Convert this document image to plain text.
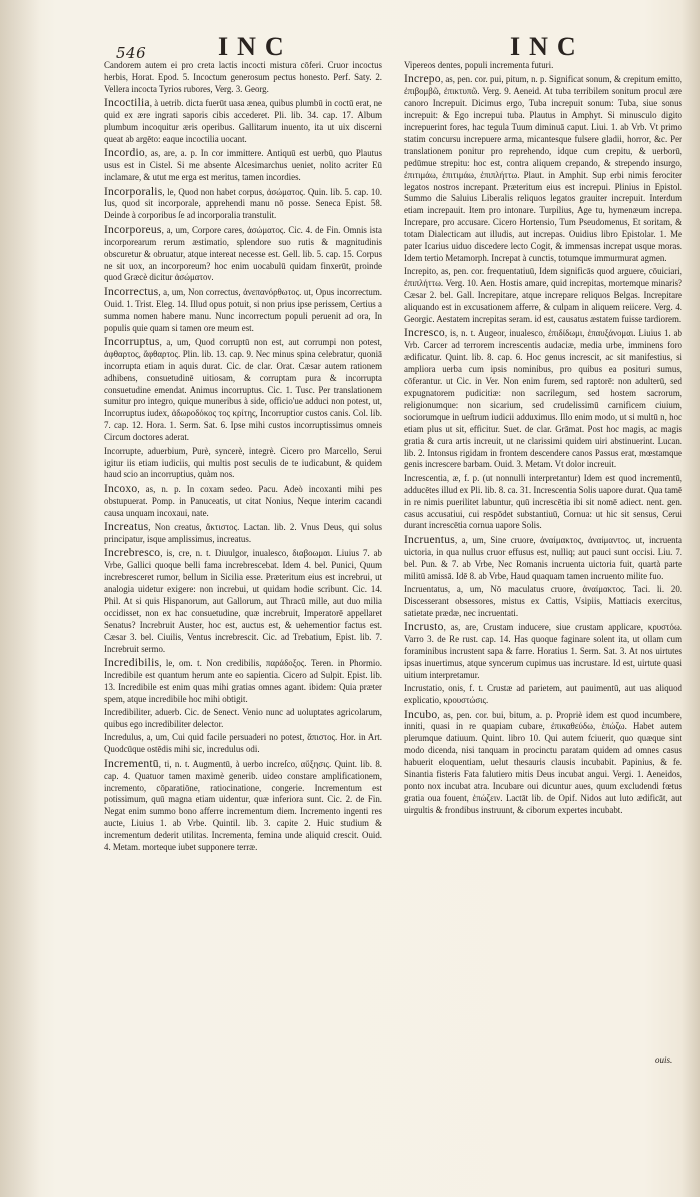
546	INC	INC

Candorem autem ei pro creta lactis incocti mistura cōferi. Cruor incoctus herbis, Horat. Epod. 5. Incoctum generosum pectus honesto. Perf. Saty. 2. Vellera incocta Tyrios rubores, Verg. 3. Georg.

Incoctilia, à uetrib. dicta fuerūt uasa ænea, quibus plumbū in coctū erat, ne quid ex ære ingrati saporis cibis accederet. Pli. lib. 34. cap. 17. Album plumbum incoquitur æris operibus. Gallitarum inuento, ita ut uix discerni queat ab argēto: eaque incoctilia uocant.

Incordio, as, are, a. p. In cor immittere. Antiquū est uerbū, quo Plautus usus est in Cistel. Si me absente Alcesimarchus ueniet, nolito acriter Eū inclamare, & utut me erga est meritus, tamen incordies.

Incorporalis, le, Quod non habet corpus, ἀσώματος. Quin. lib. 5. cap. 10. Ius, quod sit incorporale, apprehendi manu nō posse. Seneca Epist. 58. Deinde à corporibus ſe ad incorporalia transtulit.

Incorporeus, a, um, Corpore cares, ἀσώματος. Cic. 4. de Fin. Omnis ista incorporearum rerum æstimatio, splendore suo rutis & magnitudinis obscuretur & obruatur, atque intereat necesse est. Gell. lib. 5. cap. 15. Corpus ne sit uox, an incorporeum? hoc enim uocabulū quidam finxerūt, proinde quod Græcè dicitur ἀσώματον.

Incorrectus, a, um, Non correctus, ἀνεπανόρθωτος. ut, Opus incorrectum. Ouid. 1. Trist. Eleg. 14. Illud opus potuit, si non prius ipse perissem, Certius a summa nomen habere manu. Nunc incorrectum populi peruenit ad ora, In populis quie quam si tamen ore meum est.

Incorruptus, a, um, Quod corruptū non est, aut corrumpi non potest, ἀφθαρτος, ἄφθαρτος. Plin. lib. 13. cap. 9. Nec minus spina celebratur, quoniā incorrupta etiam in aquis durat. Cic. de clar. Orat. Cæsar autem rationem adhibens, consuetudinē uitiosam, & corruptam pura & incorrupta consuetudine emendat. Animus incorruptus. Cic. 1. Tusc. Per translationem sumitur pro integro, quique muneribus à side, officio'ue adduci non potest, ut, Incorruptus iudex, ἀδωροδόκος τος κρίτης, Incorruptior custos canis. Col. lib. 7. cap. 12. Hora. 1. Serm. Sat. 6. Ipse mihi custos incorruptissimus omneis Circum doctores aderat.

Incorrupte, aduerbium, Purè, syncerè, integrè. Cicero pro Marcello, Serui igitur iis etiam iudiciis, qui multis post seculis de te iudicabunt, & quidem haud scio an incorruptius, quàm nos.

Incoxo, as, n. p. In coxam sedeo. Pacu. Adeò incoxanti mihi pes obstupuerat. Pomp. in Panuceatis, ut citat Nonius, Neque interim cacandi causa unquam incoxaui, nate.

Increatus, Non creatus, ἄκτιστος. Lactan. lib. 2. Vnus Deus, qui solus principatur, isque amplissimus, increatus.

Increbresco, is, cre, n. t. Diuulgor, inualesco, διαβοωμαι. Liuius 7. ab Vrbe, Gallici quoque belli fama increbrescebat. Idem 4. bel. Punici, Quum increbresceret rumor, bellum in Sicilia esse. Præteritum eius est increbrui, ut analogia uidetur exigere: non increbui, ut quidam hodie scribunt. Cic. 14. Phil. At si quis Hispanorum, aut Gallorum, aut Thracū mille, aut duo milia occidisset, non ex hac consuetudine, quæ increbruit, Imperatorē appellaret Senatus? Increbruit Auster, hoc est, auctus est, & uehementior factus est. Cæsar 3. bel. Ciuilis, Ventus increbrescit. Cic. ad Trebatium, Epist. lib. 7. Increbruit sermo.

Incredibilis, le, om. t. Non credibilis, παράδοξος. Teren. in Phormio. Incredibile est quantum herum ante eo sapientia. Cicero ad Sulpit. Epist. lib. 13. Incredibile est enim quas mihi gratias omnes agant. ibidem: Quia præter spem, atque incredibile hoc mihi obtigit.

Incredibiliter, aduerb. Cic. de Senect. Venio nunc ad uoluptates agricolarum, quibus ego incredibiliter delector.

Incredulus, a, um, Cui quid facile persuaderi no potest, ἄπιστος. Hor. in Art. Quodcūque ostēdis mihi sic, incredulus odi.

Incrementū, ti, n. t. Augmentū, à uerbo increſco, αὔξησις. Quint. lib. 8. cap. 4. Quatuor tamen maximè generib. uideo constare amplificationem, incremento, cōparatiōne, ratiocinatione, congerie. Incrementum est potissimum, quū magna etiam uidentur, quæ inferiora sunt. Cic. 2. de Fin. Negat enim summo bono afferre incrementum diem. Incremento ingenti res aucte, Liuius 1. ab Vrbe. Quintil. lib. 3. capite 2. Huic studium & incrementum dederit utilitas. Incrementa, femina unde aliquid crescit. Ouid. 4. Metam. morteque iubet supponere terræ.

Vipereos dentes, populi incrementa futuri.

Increpo, as, pen. cor. pui, pitum, n. p. Significat sonum, & crepitum emitto, ἐπιβομβῶ, ἐπικτυπῶ. Verg. 9. Aeneid. At tuba terribilem sonitum procul ære canoro Increpuit. Dicimus ergo, Tuba increpuit sonum: Tuba, siue sonus increpuit: & Ego increpui tuba. Plautus in Amphyt. Si minusculo digito increpuerint fores, hac tegula Tuum diminuā caput. Liui. 1. ab Vrb. Vt primo statim concursu increpuere arma, micantesque fulsere gladii, horror, &c. Per translationem ponitur pro reprehendo, idque cum crepitu, & uerborū, pedūmue strepitu: hoc est, contra aliquem crepando, & strependo insurgo, ἐπιτιμάω, ἐπιτιμάω, ἐπιπλήττω. Plaut. in Amphit. Sup erbi nimis ferociter legatos nostros increpant. Præteritum eius est increpui. Plinius in Epistol. Summo die Saluius Liberalis reliquos legatos grauiter increpuit. Interdum etiam increpauit. Item pro intonare. Turpilius, Age tu, hymenæum increpa. Increpare, pro accusare. Cicero Hortensio, Tum Pseudomenus, Et soritam, & totam Dialecticam aut illudis, aut increpas. Ouidius libro Epistolar. 1. Me pater Icarius uiduo discedere lecto Cogit, & immensas increpat usque moras. Idem tertio Metamorph. Increpat à cunctis, totumque immurmurat agmen.

Increpito, as, pen. cor. frequentatiuū, Idem significās quod arguere, cōuiciari, ἐπιπλήττω. Verg. 10. Aen. Hostis amare, quid increpitas, mortemque minaris? Cæsar 2. bel. Gall. Increpitare, atque increpare reliquos Belgas. Increpitare aliquando est in excusationem afferre, & culpam in aliquem reiicere. Verg. 4. Georgic. Aestatem increpitas seram. id est, causatus æstatem fuisse tardiorem.

Incresco, is, n. t. Augeor, inualesco, ἐπιδίδωμι, ἐπαυξάνομαι. Liuius 1. ab Vrb. Carcer ad terrorem increscentis audaciæ, media urbe, imminens foro ædificatur. Quint. lib. 8. cap. 6. Hoc genus increscit, ac sit manifestius, si ampliora uerba cum ipsis nominibus, pro quibus ea posituri sumus, cōferantur. ut Cic. in Ver. Non enim furem, sed raptorē: non adulterū, sed expugnatorem pudicitiæ: non sacrilegum, sed hostem sacrorum, religionumque: non sicarium, sed crudelissimū carnificem ciuium, sociorumque in ueſtrum iudicii adduximus. Illo enim modo, ut si multū n, hoc etiam plus ut sit, efficitur. Suet. de clar. Grāmat. Post hoc magis, ac magis gratia & cura artis increuit, ut ne clarissimi quidem uiri abstinuerint. Lucan. lib. 2. Intonsus rigidam in frontem descendere canos Passus erat, mœstamque genis increscere barbam. Ouid. 3. Metam. Vt dolor increuit.

Increscentia, æ, f. p. (ut nonnulli interpretantur) Idem est quod incrementū, adducētes illud ex Pli. lib. 8. ca. 31. Increscentia Solis uapore durat. Qua tamē in re nimis puerilitet labuntur, quū increscētia ibi sit nomē adiect. nent. gen. casus accusatiui, cui respōdet substantiuū, Cornua: ut hic sit sensus, Cerui durant increscētia cornua uapore Solis.

Incruentus, a, um, Sine cruore, ἀναίμακτος, ἀναίμαντος. ut, incruenta uictoria, in qua nullus cruor effusus est, nulliq; aut pauci sunt occisi. Liu. 7. bel. Pun. & 7. ab Vrbe, Nec Romanis incruenta uictoria fuit, quartà parte militū amissā. Idē 8. ab Vrbe, Haud quaquam tamen incruento milite fuo.

Incruentatus, a, um, Nō maculatus cruore, ἀναίμακτος. Taci. li. 20. Discesserant obsessores, mistus ex Cattis, Vsipiis, Mattiacis exercitus, satietate prædæ, nec incruentati.

Incrusto, as, are, Crustam inducere, siue crustam applicare, κρυστόω. Varro 3. de Re rust. cap. 14. Has quoque faginare solent ita, ut ollam cum foraminibus incrustent sapa & farre. Horatius 1. Serm. Sat. 3. At nos uirtutes ipsas inuertimus, atque syncerum cupimus uas incrustare. Id est, uirtute quasi uitium interpretamur.

Incrustatio, onis, f. t. Crustæ ad parietem, aut pauimentū, aut uas aliquod explicatio, κρουστώσις.

Incubo, as, pen. cor. bui, bitum, a. p. Propriè idem est quod incumbere, inniti, quasi in re quapiam cubare, ἐπικαθεύδω, ἐπώζω. Habet autem plerumque datiuum. Quint. libro 10. Qui autem fciuerit, quo quæque sint modo dicenda, nisi tanquam in procinctu paratam quidem ad omnes casus habuerit eloquentiam, uelut thesauris clausis incubabit. Papinius, & fe. Sinantia fisteris Fata falutiero mitis Deus incubat angui. Vergi. 1. Aeneidos, ponto nox incubat atra. Incubare oui dicuntur aues, quum excludendi fœtus gratia oua fouent, ἐπώζειν. Lactāt lib. de Opif. Nidos aut luto ædificāt, aut uirgultis & frondibus instruunt, & ciborum expertes incubabt.

ouis.
